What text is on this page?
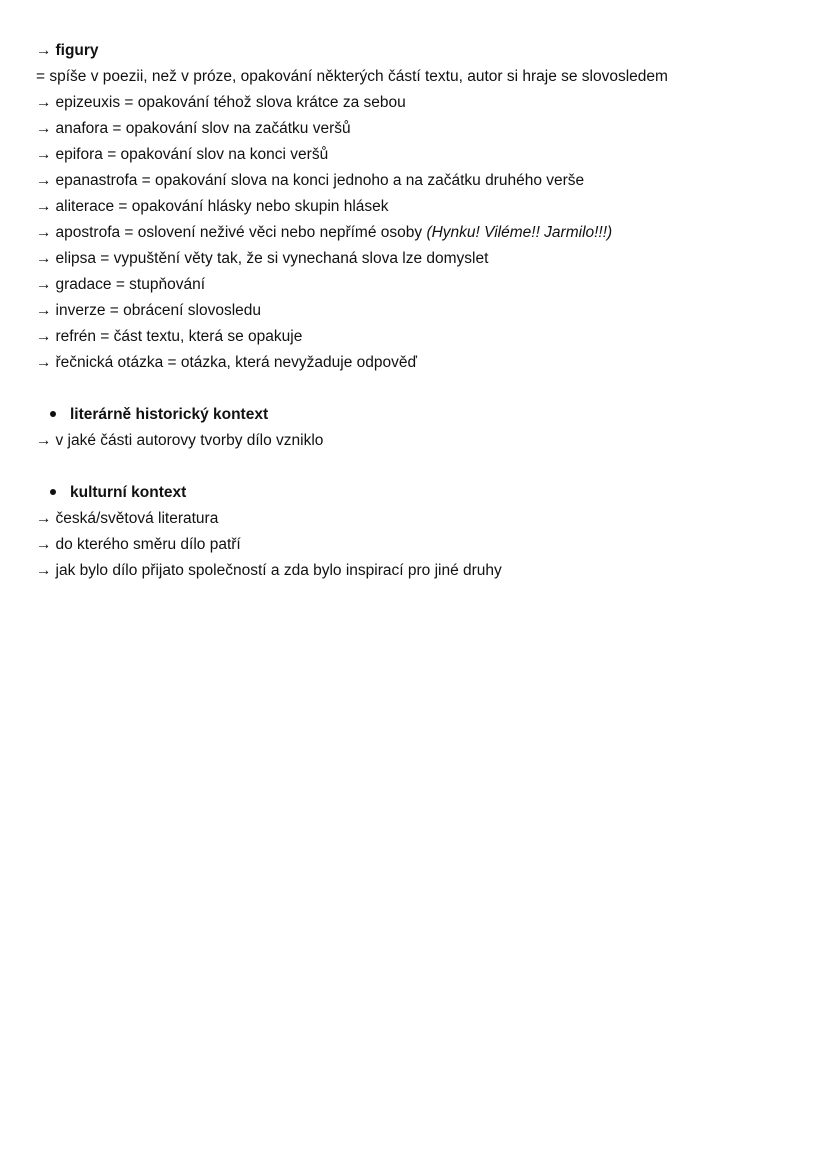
→ figury
= spíše v poezii, než v próze, opakování některých částí textu, autor si hraje se slovosledem
→ epizeuxis = opakování téhož slova krátce za sebou
→ anafora = opakování slov na začátku veršů
→ epifora = opakování slov na konci veršů
→ epanastrofa = opakování slova na konci jednoho a na začátku druhého verše
→ aliterace = opakování hlásky nebo skupin hlásek
→ apostrofa = oslovení neživé věci nebo nepřímé osoby (Hynku! Viléme!! Jarmilo!!!)
→ elipsa = vypuštění věty tak, že si vynechaná slova lze domyslet
→ gradace = stupňování
→ inverze = obrácení slovosledu
→ refrén = část textu, která se opakuje
→ řečnická otázka = otázka, která nevyžaduje odpověď
literárně historický kontext
→ v jaké části autorovy tvorby dílo vzniklo
kulturní kontext
→ česká/světová literatura
→ do kterého směru dílo patří
→ jak bylo dílo přijato společností a zda bylo inspirací pro jiné druhy
